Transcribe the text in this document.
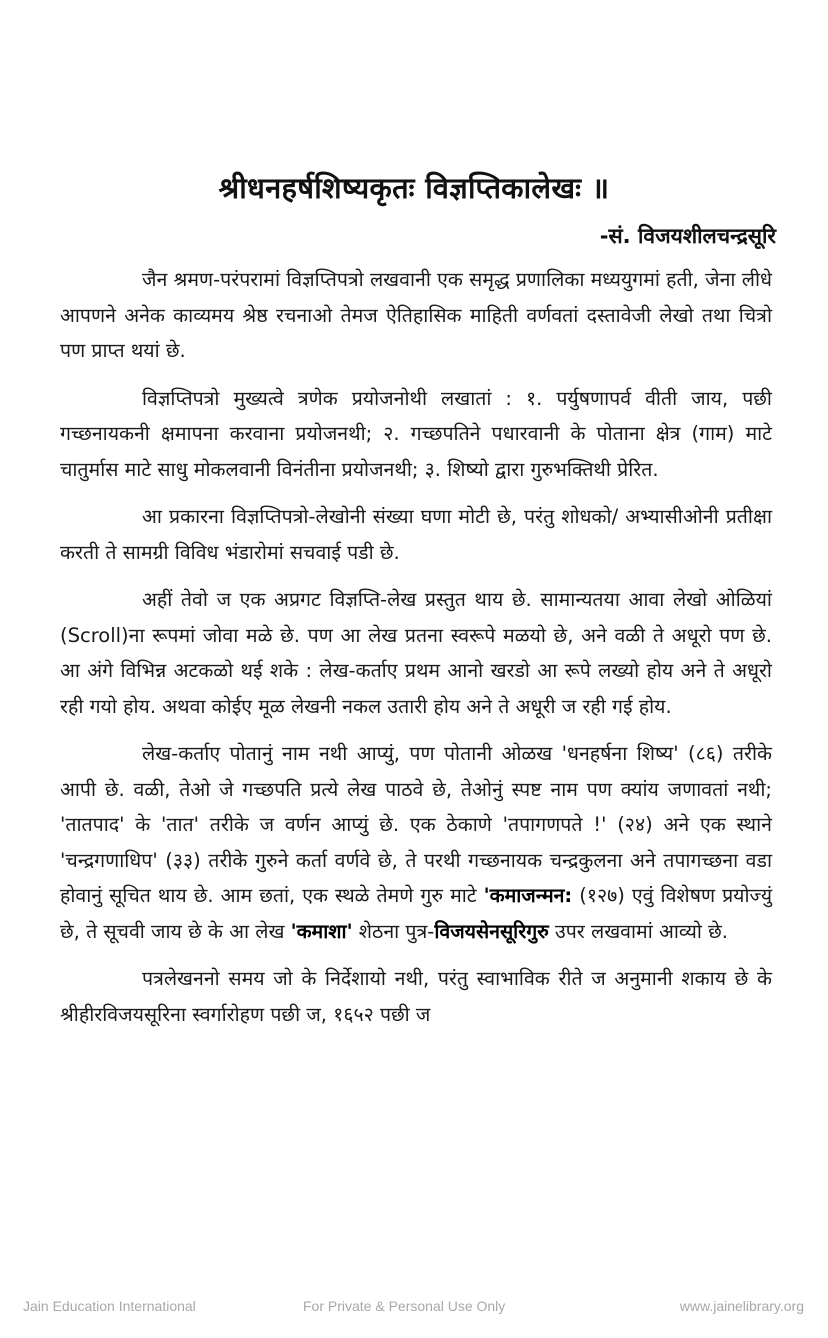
श्रीधनहर्षशिष्यकृतः विज्ञप्तिकालेखः ॥
-सं. विजयशीलचन्द्रसूरि

जैन श्रमण-परंपरामां विज्ञप्तिपत्रो लखवानी एक समृद्ध प्रणालिका मध्ययुगमां हती, जेना लीधे आपणने अनेक काव्यमय श्रेष्ठ रचनाओ तेमज ऐतिहासिक माहिती वर्णवतां दस्तावेजी लेखो तथा चित्रो पण प्राप्त थयां छे.

विज्ञप्तिपत्रो मुख्यत्वे त्रणेक प्रयोजनोथी लखातां : १. पर्युषणापर्व वीती जाय, पछी गच्छनायकनी क्षमापना करवाना प्रयोजनथी; २. गच्छपतिने पधारवानी के पोताना क्षेत्र (गाम) माटे चातुर्मास माटे साधु मोकलवानी विनंतीना प्रयोजनथी; ३. शिष्यो द्वारा गुरुभक्तिथी प्रेरित.

आ प्रकारना विज्ञप्तिपत्रो-लेखोनी संख्या घणा मोटी छे, परंतु शोधको/ अभ्यासीओनी प्रतीक्षा करती ते सामग्री विविध भंडारोमां सचवाई पडी छे.

अहीं तेवो ज एक अप्रगट विज्ञप्ति-लेख प्रस्तुत थाय छे. सामान्यतया आवा लेखो ओळियां (Scroll)ना रूपमां जोवा मळे छे. पण आ लेख प्रतना स्वरूपे मळयो छे, अने वळी ते अधूरो पण छे. आ अंगे विभिन्न अटकळो थई शके : लेख-कर्ताए प्रथम आनो खरडो आ रूपे लख्यो होय अने ते अधूरो रही गयो होय. अथवा कोईए मूळ लेखनी नकल उतारी होय अने ते अधूरी ज रही गई होय.

लेख-कर्ताए पोतानुं नाम नथी आप्युं, पण पोतानी ओळख 'धनहर्षना शिष्य' (८६) तरीके आपी छे. वळी, तेओ जे गच्छपति प्रत्ये लेख पाठवे छे, तेओनुं स्पष्ट नाम पण क्यांय जणावतां नथी; 'तातपाद' के 'तात' तरीके ज वर्णन आप्युं छे. एक ठेकाणे 'तपागणपते !' (२४) अने एक स्थाने 'चन्द्रगणाधिप' (३३) तरीके गुरुने कर्ता वर्णवे छे, ते परथी गच्छनायक चन्द्रकुलना अने तपागच्छना वडा होवानुं सूचित थाय छे. आम छतां, एक स्थळे तेमणे गुरु माटे 'कमाजन्मन: (१२७) एवुं विशेषण प्रयोज्युं छे, ते सूचवी जाय छे के आ लेख 'कमाशा' शेठना पुत्र-विजयसेनसूरिगुरु उपर लखवामां आव्यो छे.

पत्रलेखननो समय जो के निर्देशायो नथी, परंतु स्वाभाविक रीते ज अनुमानी शकाय छे के श्रीहीरविजयसूरिना स्वर्गारोहण पछी ज, १६५२ पछी ज

Jain Education International	For Private & Personal Use Only	www.jainelibrary.org
